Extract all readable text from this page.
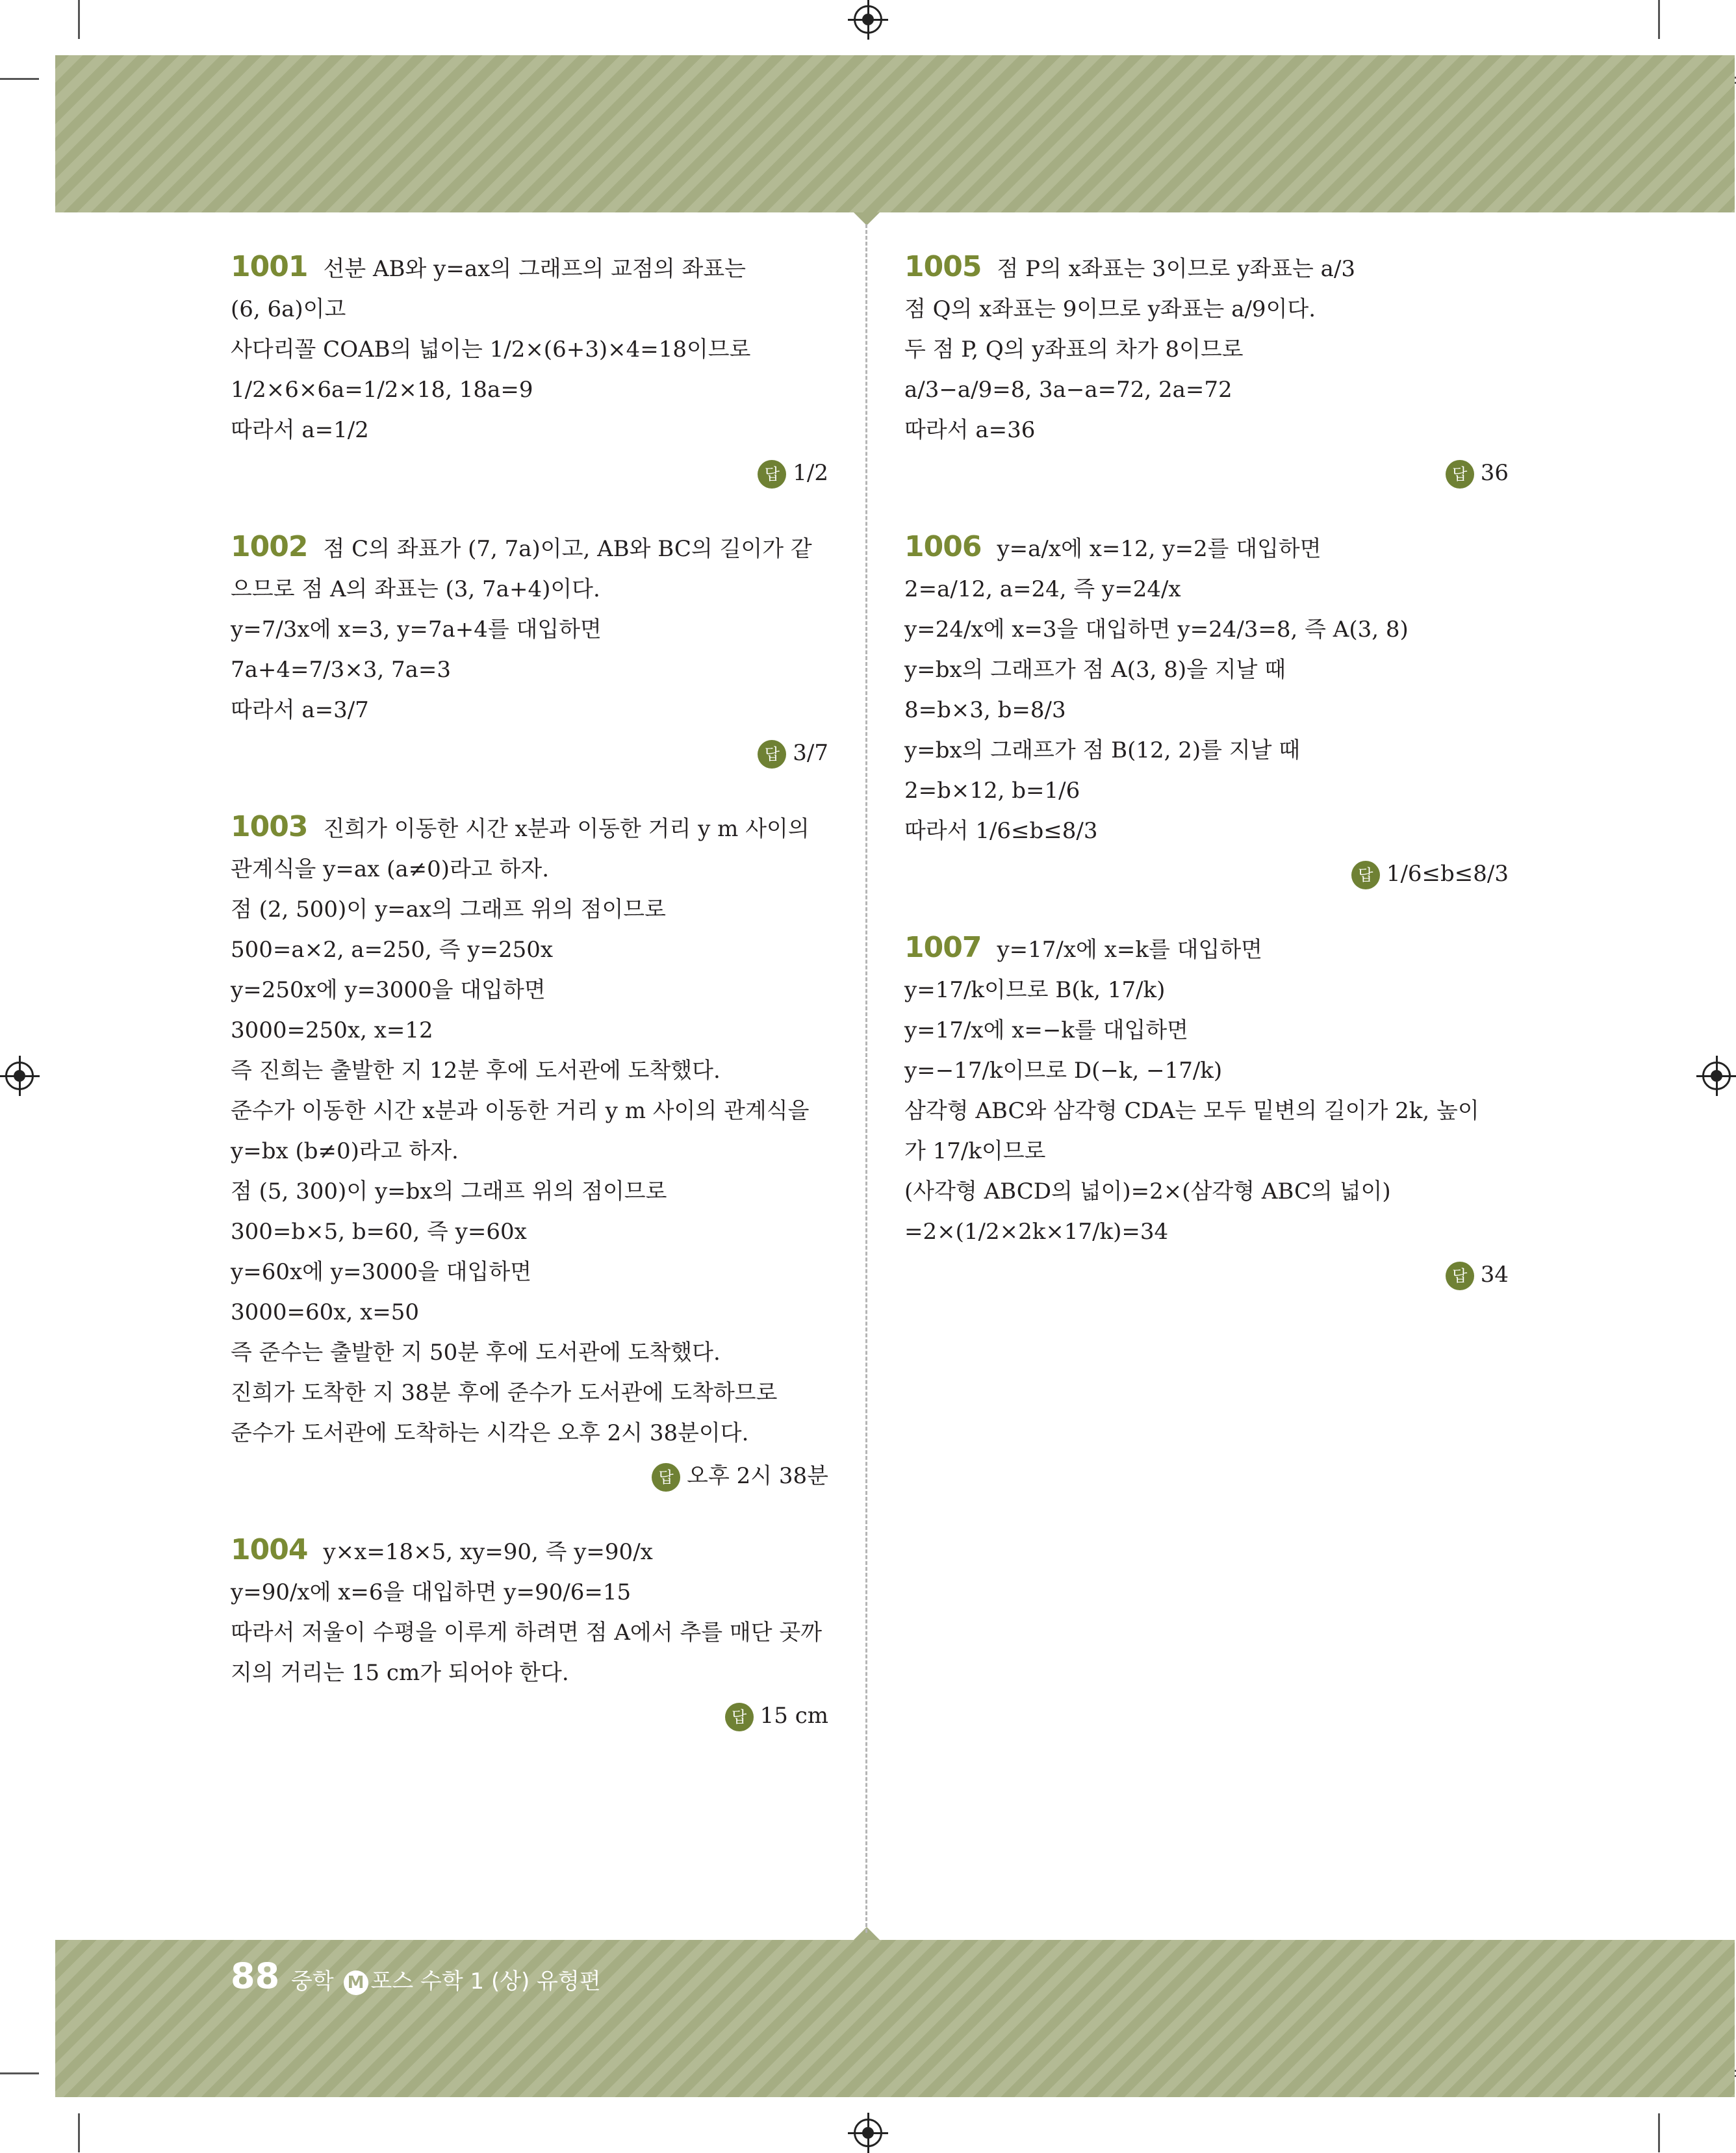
1001 선분 AB와 y=ax의 그래프의 교점의 좌표는
(6, 6a)이고
사다리꼴 COAB의 넓이는 1/2×(6+3)×4=18이므로
1/2×6×6a=1/2×18, 18a=9
따라서 a=1/2
답 1/2
1002 점 C의 좌표가 (7, 7a)이고, AB와 BC의 길이가 같
으므로 점 A의 좌표는 (3, 7a+4)이다.
y=7/3x에 x=3, y=7a+4를 대입하면
7a+4=7/3×3, 7a=3
따라서 a=3/7
답 3/7
1003 진희가 이동한 시간 x분과 이동한 거리 y m 사이의
관계식을 y=ax (a≠0)라고 하자.
점 (2, 500)이 y=ax의 그래프 위의 점이므로
500=a×2, a=250, 즉 y=250x
y=250x에 y=3000을 대입하면
3000=250x, x=12
즉 진희는 출발한 지 12분 후에 도서관에 도착했다.
준수가 이동한 시간 x분과 이동한 거리 y m 사이의 관계식을
y=bx (b≠0)라고 하자.
점 (5, 300)이 y=bx의 그래프 위의 점이므로
300=b×5, b=60, 즉 y=60x
y=60x에 y=3000을 대입하면
3000=60x, x=50
즉 준수는 출발한 지 50분 후에 도서관에 도착했다.
진희가 도착한 지 38분 후에 준수가 도서관에 도착하므로
준수가 도서관에 도착하는 시각은 오후 2시 38분이다.
답 오후 2시 38분
1004 y×x=18×5, xy=90, 즉 y=90/x
y=90/x에 x=6을 대입하면 y=90/6=15
따라서 저울이 수평을 이루게 하려면 점 A에서 추를 매단 곳까
지의 거리는 15 cm가 되어야 한다.
답 15 cm
1005 점 P의 x좌표는 3이므로 y좌표는 a/3
점 Q의 x좌표는 9이므로 y좌표는 a/9이다.
두 점 P, Q의 y좌표의 차가 8이므로
a/3−a/9=8, 3a−a=72, 2a=72
따라서 a=36
답 36
1006 y=a/x에 x=12, y=2를 대입하면
2=a/12, a=24, 즉 y=24/x
y=24/x에 x=3을 대입하면 y=24/3=8, 즉 A(3, 8)
y=bx의 그래프가 점 A(3, 8)을 지날 때
8=b×3, b=8/3
y=bx의 그래프가 점 B(12, 2)를 지날 때
2=b×12, b=1/6
따라서 1/6≤b≤8/3
답 1/6≤b≤8/3
1007 y=17/x에 x=k를 대입하면
y=17/k이므로 B(k, 17/k)
y=17/x에 x=−k를 대입하면
y=−17/k이므로 D(−k, −17/k)
삼각형 ABC와 삼각형 CDA는 모두 밑변의 길이가 2k, 높이
가 17/k이므로
(사각형 ABCD의 넓이)=2×(삼각형 ABC의 넓이)
=2×(1/2×2k×17/k)=34
답 34
88 중학 M 포스 수학 1 (상) 유형편
